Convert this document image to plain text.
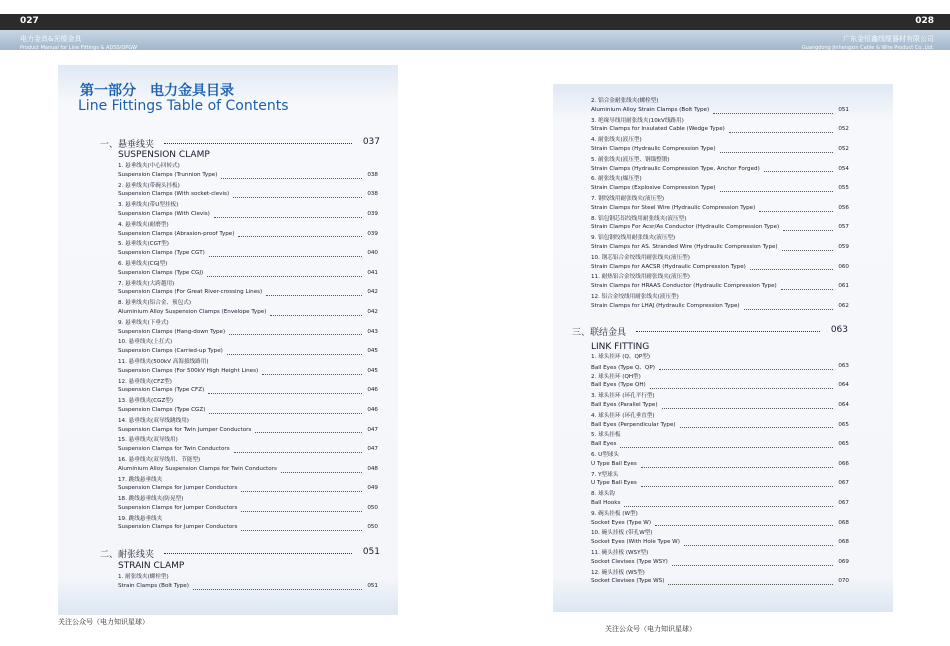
027	028
电力金具&光缆金具
Product Manual for Line Fittings & ADSS/OPGW
广东金恒鑫线缆器材有限公司
Guangdong Jinhengxin Cable & Wire Product Co.,Ltd.
第一部分　电力金具目录
Line Fittings Table of Contents
一、悬垂线夹	037
SUSPENSION CLAMP
1. 悬垂线夹(中心回转式)
Suspension Clamps (Trunnion Type)	038
2. 悬垂线夹(带碗头挂板)
Suspension Clamps (With socket-clevis)	038
3. 悬垂线夹(带U型挂板)
Suspension Clamps (With Clevis)	039
4. 悬垂线夹(耐磨型)
Suspension Clamps (Abrasion-proof Type)	039
5. 悬垂线夹(CGT型)
Suspension Clamps (Type CGT)	040
6. 悬垂线夹(CGJ型)
Suspension Clamps (Type CGJ)	041
7. 悬垂线夹(大跨越用)
Suspension Clamps (For Great River-crossing Lines)	042
8. 悬垂线夹(铝合金、预包式)
Aluminium Alloy Suspension Clamps (Envelope Type)	042
9. 悬垂线夹(下垂式)
Suspension Clamps (Hang-down Type)	043
10. 悬垂线夹(上扛式)
Suspension Clamps (Carried-up Type)	045
11. 悬垂线夹(500kV 高海拔线路用)
Suspension Clamps (For 500kV High Height Lines)	045
12. 悬垂线夹(CFZ型)
Suspension Clamps (Type CFZ)	046
13. 悬垂线夹(CGZ型)
Suspension Clamps (Type CGZ)	046
14. 悬垂线夹(双导线跳线用)
Suspension Clamps for Twin Jumper Conductors	047
15. 悬垂线夹(双导线用)
Suspension Clamps for Twin Conductors	047
16. 悬垂线夹(双导线用、节能型)
Aluminium Alloy Suspension Clamps for Twin Conductors	048
17. 跳线悬垂线夹
Suspension Clamps for Jumper Conductors	049
18. 跳线悬垂线夹(防晃型)
Suspension Clamps for Jumper Conductors	050
19. 跳线悬垂线夹
Suspension Clamps for Jumper Conductors	050
二、耐张线夹	051
STRAIN CLAMP
1. 耐张线夹(螺栓型)
Strain Clamps (Bolt Type)	051
关注公众号（电力知识星球）
2. 铝合金耐张线夹(螺栓型)
Aluminium Alloy Strain Clamps (Bolt Type)	051
3. 绝缘导线用耐张线夹(10kV线路用)
Strain Clamps for Insulated Cable (Wedge Type)	052
4. 耐张线夹(液压型)
Strain Clamps (Hydraulic Compression Type)	052
5. 耐张线夹(液压型、钢锚整锻)
Strain Clamps (Hydraulic Compression Type, Anchor Forged)	054
6. 耐张线夹(爆压型)
Strain Clamps (Explosive Compression Type)	055
7. 钢绞线用耐张线夹(液压型)
Strain Clamps for Steel Wire (Hydraulic Compression Type)	056
8. 铝包钢芯铝绞线用耐张线夹(液压型)
Strain Clamps For Acsr/As Conductor (Hydraulic Compression Type)	057
9. 铝包钢绞线用耐张线夹(液压型)
Strain Clamps for AS. Stranded Wire (Hydraulic Compression Type)	059
10. 钢芯铝合金绞线用耐张线夹(液压型)
Strain Clamps for AACSR (Hydraulic Compression Type)	060
11. 耐热铝合金绞线用耐张线夹(液压型)
Strain Clamps for HRAAS Conductor (Hydraulic Compression Type)	061
12. 铝合金绞线用耐张线夹(液压型)
Strain Clamps for LHAJ (Hydraulic Compression Type)	062
三、联结金具	063
LINK FITTING
1. 球头挂环 (Q、QP型)
Ball Eyes (Type Q、QP)	063
2. 球头挂环 (QH型)
Ball Eyes (Type QH)	064
3. 球头挂环 (环孔平行型)
Ball Eyes (Parallel Type)	064
4. 球头挂环 (环孔垂直型)
Ball Eyes (Perpendicular Type)	065
5. 球头挂板
Ball Eyes	065
6. U型球头
U Type Ball Eyes	066
7. Y型球头
U Type Ball Eyes	067
8. 球头钩
Ball Hooks	067
9. 碗头挂板 (W型)
Socket Eyes (Type W)	068
10. 碗头挂板 (带孔W型)
Socket Eyes (With Hole Type W)	068
11. 碗头挂板 (WSY型)
Socket Clevises (Type WSY)	069
12. 碗头挂板 (WS型)
Socket Clevises (Type WS)	070
关注公众号（电力知识星球）
